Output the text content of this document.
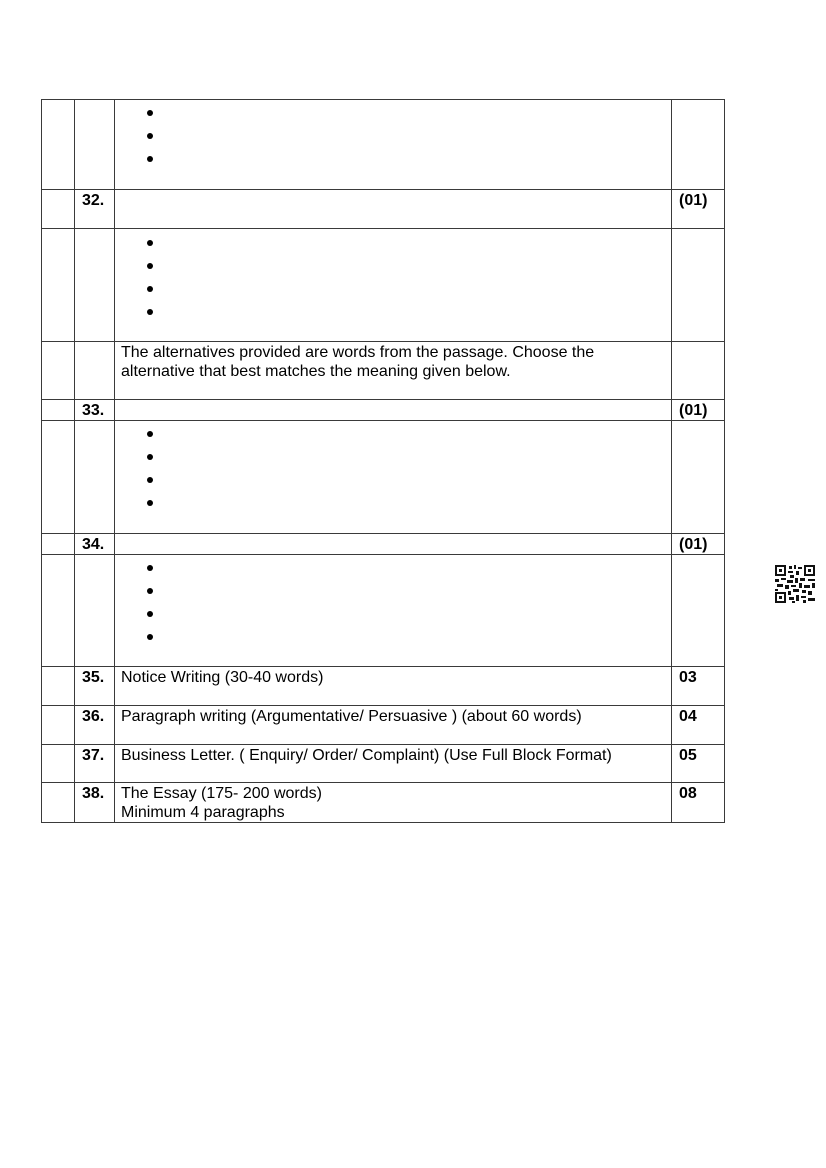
	32.		(01)

		The alternatives provided are words from the passage. Choose the alternative that best matches the meaning given below.	
	33.		(01)

	34.		(01)

	35.	Notice Writing (30-40 words)	03
	36.	Paragraph writing (Argumentative/ Persuasive ) (about 60 words)	04
	37.	Business Letter. ( Enquiry/ Order/ Complaint) (Use Full Block Format)	05
	38.	The Essay (175- 200 words)
Minimum 4 paragraphs	08
